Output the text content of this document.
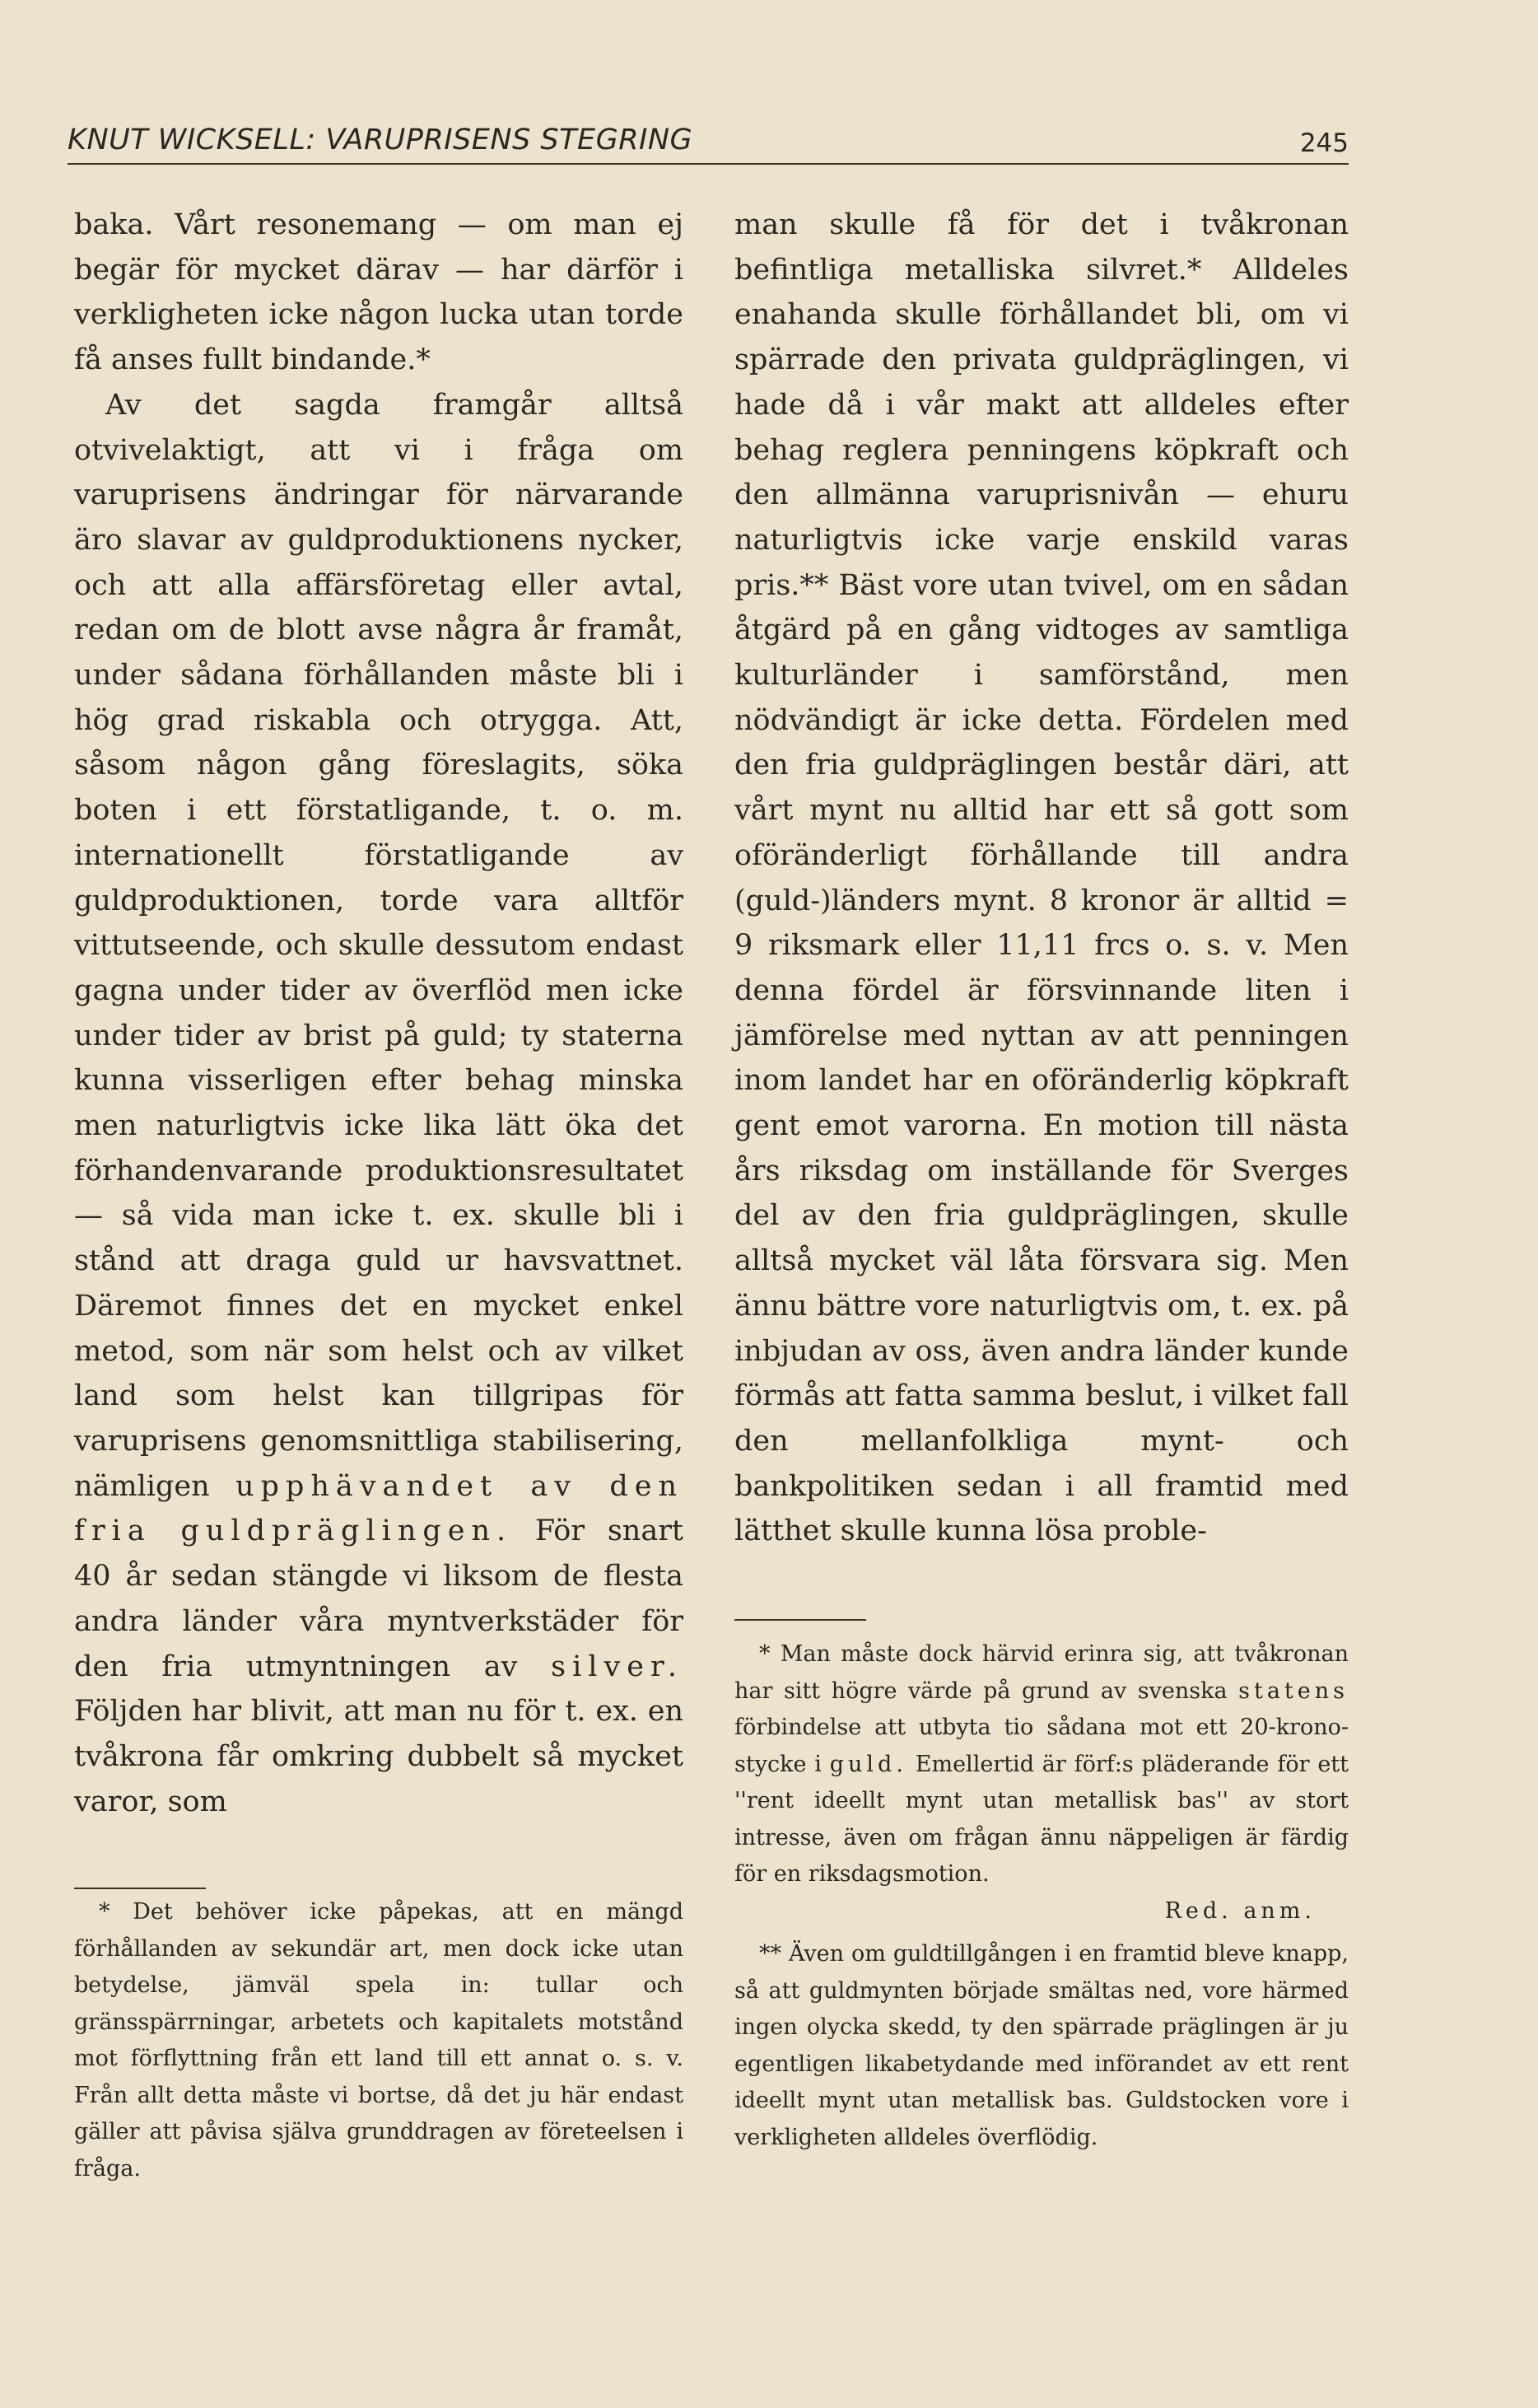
KNUT WICKSELL: VARUPRISENS STEGRING	245

baka. Vårt resonemang — om man ej begär för mycket därav — har därför i verkligheten icke någon lucka utan torde få anses fullt bindande.*

Av det sagda framgår alltså otvivelaktigt, att vi i fråga om varuprisens ändringar för närvarande äro slavar av guldproduktionens nycker, och att alla affärsföretag eller avtal, redan om de blott avse några år framåt, under sådana förhållanden måste bli i hög grad riskabla och otrygga. Att, såsom någon gång föreslagits, söka boten i ett förstatligande, t. o. m. internationellt förstatligande av guldproduktionen, torde vara alltför vittutseende, och skulle dessutom endast gagna under tider av överflöd men icke under tider av brist på guld; ty staterna kunna visserligen efter behag minska men naturligtvis icke lika lätt öka det förhandenvarande produktionsresultatet — så vida man icke t. ex. skulle bli i stånd att draga guld ur havsvattnet. Däremot finnes det en mycket enkel metod, som när som helst och av vilket land som helst kan tillgripas för varuprisens genomsnittliga stabilisering, nämligen upphävandet av den fria guldpräglingen. För snart 40 år sedan stängde vi liksom de flesta andra länder våra myntverkstäder för den fria utmyntningen av silver. Följden har blivit, att man nu för t. ex. en tvåkrona får omkring dubbelt så mycket varor, som

* Det behöver icke påpekas, att en mängd förhållanden av sekundär art, men dock icke utan betydelse, jämväl spela in: tullar och gränsspärrningar, arbetets och kapitalets motstånd mot förflyttning från ett land till ett annat o. s. v. Från allt detta måste vi bortse, då det ju här endast gäller att påvisa själva grunddragen av företeelsen i fråga.

man skulle få för det i tvåkronan befintliga metalliska silvret.* Alldeles enahanda skulle förhållandet bli, om vi spärrade den privata guldpräglingen, vi hade då i vår makt att alldeles efter behag reglera penningens köpkraft och den allmänna varuprisnivån — ehuru naturligtvis icke varje enskild varas pris.** Bäst vore utan tvivel, om en sådan åtgärd på en gång vidtoges av samtliga kulturländer i samförstånd, men nödvändigt är icke detta. Fördelen med den fria guldpräglingen består däri, att vårt mynt nu alltid har ett så gott som oföränderligt förhållande till andra (guld-)länders mynt. 8 kronor är alltid = 9 riksmark eller 11,11 frcs o. s. v. Men denna fördel är försvinnande liten i jämförelse med nyttan av att penningen inom landet har en oföränderlig köpkraft gent emot varorna. En motion till nästa års riksdag om inställande för Sverges del av den fria guldpräglingen, skulle alltså mycket väl låta försvara sig. Men ännu bättre vore naturligtvis om, t. ex. på inbjudan av oss, även andra länder kunde förmås att fatta samma beslut, i vilket fall den mellanfolkliga mynt- och bankpolitiken sedan i all framtid med lätthet skulle kunna lösa proble-

* Man måste dock härvid erinra sig, att tvåkronan har sitt högre värde på grund av svenska statens förbindelse att utbyta tio sådana mot ett 20-krono-stycke i guld. Emellertid är förf:s pläderande för ett ''rent ideellt mynt utan metallisk bas'' av stort intresse, även om frågan ännu näppeligen är färdig för en riksdagsmotion.

Red. anm.

** Även om guldtillgången i en framtid bleve knapp, så att guldmynten började smältas ned, vore härmed ingen olycka skedd, ty den spärrade präglingen är ju egentligen likabetydande med införandet av ett rent ideellt mynt utan metallisk bas. Guldstocken vore i verkligheten alldeles överflödig.
